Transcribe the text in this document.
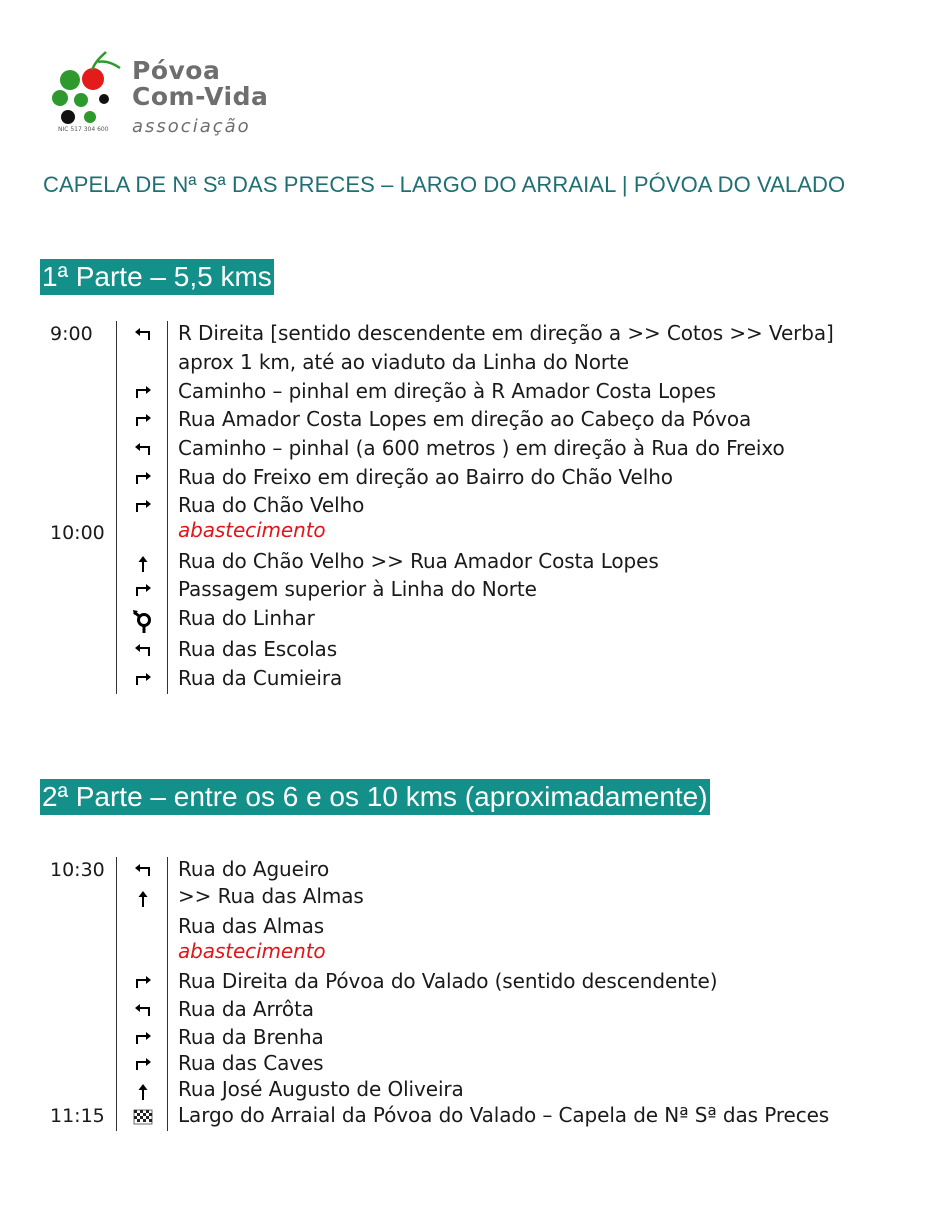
Póvoa
Com-Vida
associação
NIC 517 304 600
CAPELA DE Nª Sª DAS PRECES – LARGO DO ARRAIAL | PÓVOA DO VALADO
1ª Parte – 5,5 kms
9:00	R Direita [sentido descendente em direção a >> Cotos >> Verba]
aprox 1 km, até ao viaduto da Linha do Norte
Caminho – pinhal em direção à R Amador Costa Lopes
Rua Amador Costa Lopes em direção ao Cabeço da Póvoa
Caminho – pinhal (a 600 metros ) em direção à Rua do Freixo
Rua do Freixo em direção ao Bairro do Chão Velho
Rua do Chão Velho
10:00	abastecimento
Rua do Chão Velho >> Rua Amador Costa Lopes
Passagem superior à Linha do Norte
Rua do Linhar
Rua das Escolas
Rua da Cumieira
2ª Parte – entre os 6 e os 10 kms (aproximadamente)
10:30	Rua do Agueiro
>> Rua das Almas
Rua das Almas
abastecimento
Rua Direita da Póvoa do Valado (sentido descendente)
Rua da Arrôta
Rua da Brenha
Rua das Caves
Rua José Augusto de Oliveira
11:15	Largo do Arraial da Póvoa do Valado – Capela de Nª Sª das Preces
